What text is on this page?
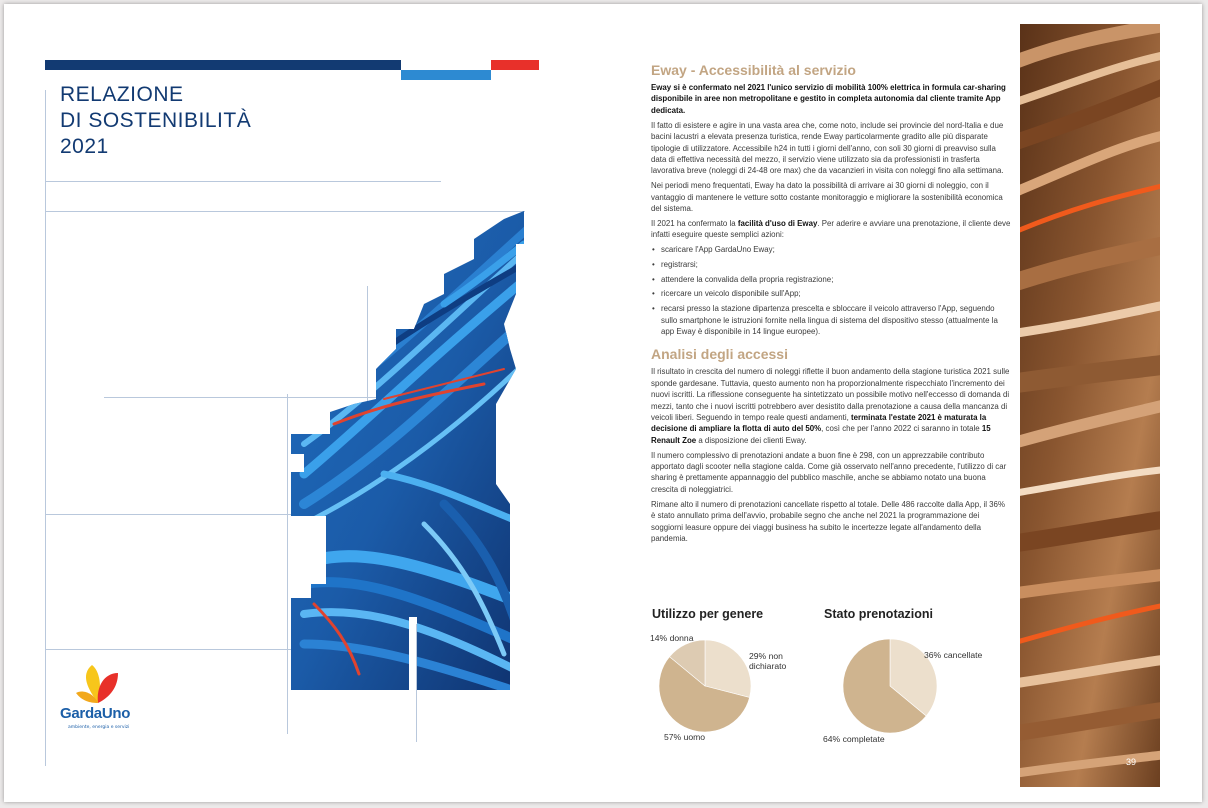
RELAZIONE
DI SOSTENIBILITÀ
2021
GardaUno
ambiente, energia e servizi
Eway - Accessibilità al servizio

Eway si è confermato nel 2021 l'unico servizio di mobilità 100% elettrica in formula car-sharing disponibile in aree non metropolitane e gestito in completa autonomia dal cliente tramite App dedicata.

Il fatto di esistere e agire in una vasta area che, come noto, include sei provincie del nord-Italia e due bacini lacustri a elevata presenza turistica, rende Eway particolarmente gradito alle più disparate tipologie di utilizzatore. Accessibile h24 in tutti i giorni dell'anno, con soli 30 giorni di preavviso sulla data di effettiva necessità del mezzo, il servizio viene utilizzato sia da professionisti in trasferta lavorativa breve (noleggi di 24-48 ore max) che da vacanzieri in visita con noleggi fino alla settimana.

Nei periodi meno frequentati, Eway ha dato la possibilità di arrivare ai 30 giorni di noleggio, con il vantaggio di mantenere le vetture sotto costante monitoraggio e migliorare la sostenibilità economica del sistema.

Il 2021 ha confermato la facilità d'uso di Eway. Per aderire e avviare una prenotazione, il cliente deve infatti eseguire queste semplici azioni:

• scaricare l'App GardaUno Eway;
• registrarsi;
• attendere la convalida della propria registrazione;
• ricercare un veicolo disponibile sull'App;
• recarsi presso la stazione dipartenza prescelta e sbloccare il veicolo attraverso l'App, seguendo sullo smartphone le istruzioni fornite nella lingua di sistema del dispositivo stesso (attualmente la app Eway è disponibile in 14 lingue europee).
Analisi degli accessi

Il risultato in crescita del numero di noleggi riflette il buon andamento della stagione turistica 2021 sulle sponde gardesane. Tuttavia, questo aumento non ha proporzionalmente rispecchiato l'incremento dei nuovi iscritti. La riflessione conseguente ha sintetizzato un possibile motivo nell'eccesso di domanda di mezzi, tanto che i nuovi iscritti potrebbero aver desistito dalla prenotazione a causa della mancanza di veicoli liberi. Seguendo in tempo reale questi andamenti, terminata l'estate 2021 è maturata la decisione di ampliare la flotta di auto del 50%, così che per l'anno 2022 ci saranno in totale 15 Renault Zoe a disposizione dei clienti Eway.

Il numero complessivo di prenotazioni andate a buon fine è 298, con un apprezzabile contributo apportato dagli scooter nella stagione calda. Come già osservato nell'anno precedente, l'utilizzo di car sharing è prettamente appannaggio del pubblico maschile, anche se abbiamo notato una buona crescita di noleggiatrici.

Rimane alto il numero di prenotazioni cancellate rispetto al totale. Delle 486 raccolte dalla App, il 36% è stato annullato prima dell'avvio, probabile segno che anche nel 2021 la programmazione dei soggiorni leasure oppure dei viaggi business ha subito le incertezze legate all'andamento della pandemia.

Utilizzo per genere	Stato prenotazioni
14% donna
29% non dichiarato
57% uomo
36% cancellate
64% completate
39
